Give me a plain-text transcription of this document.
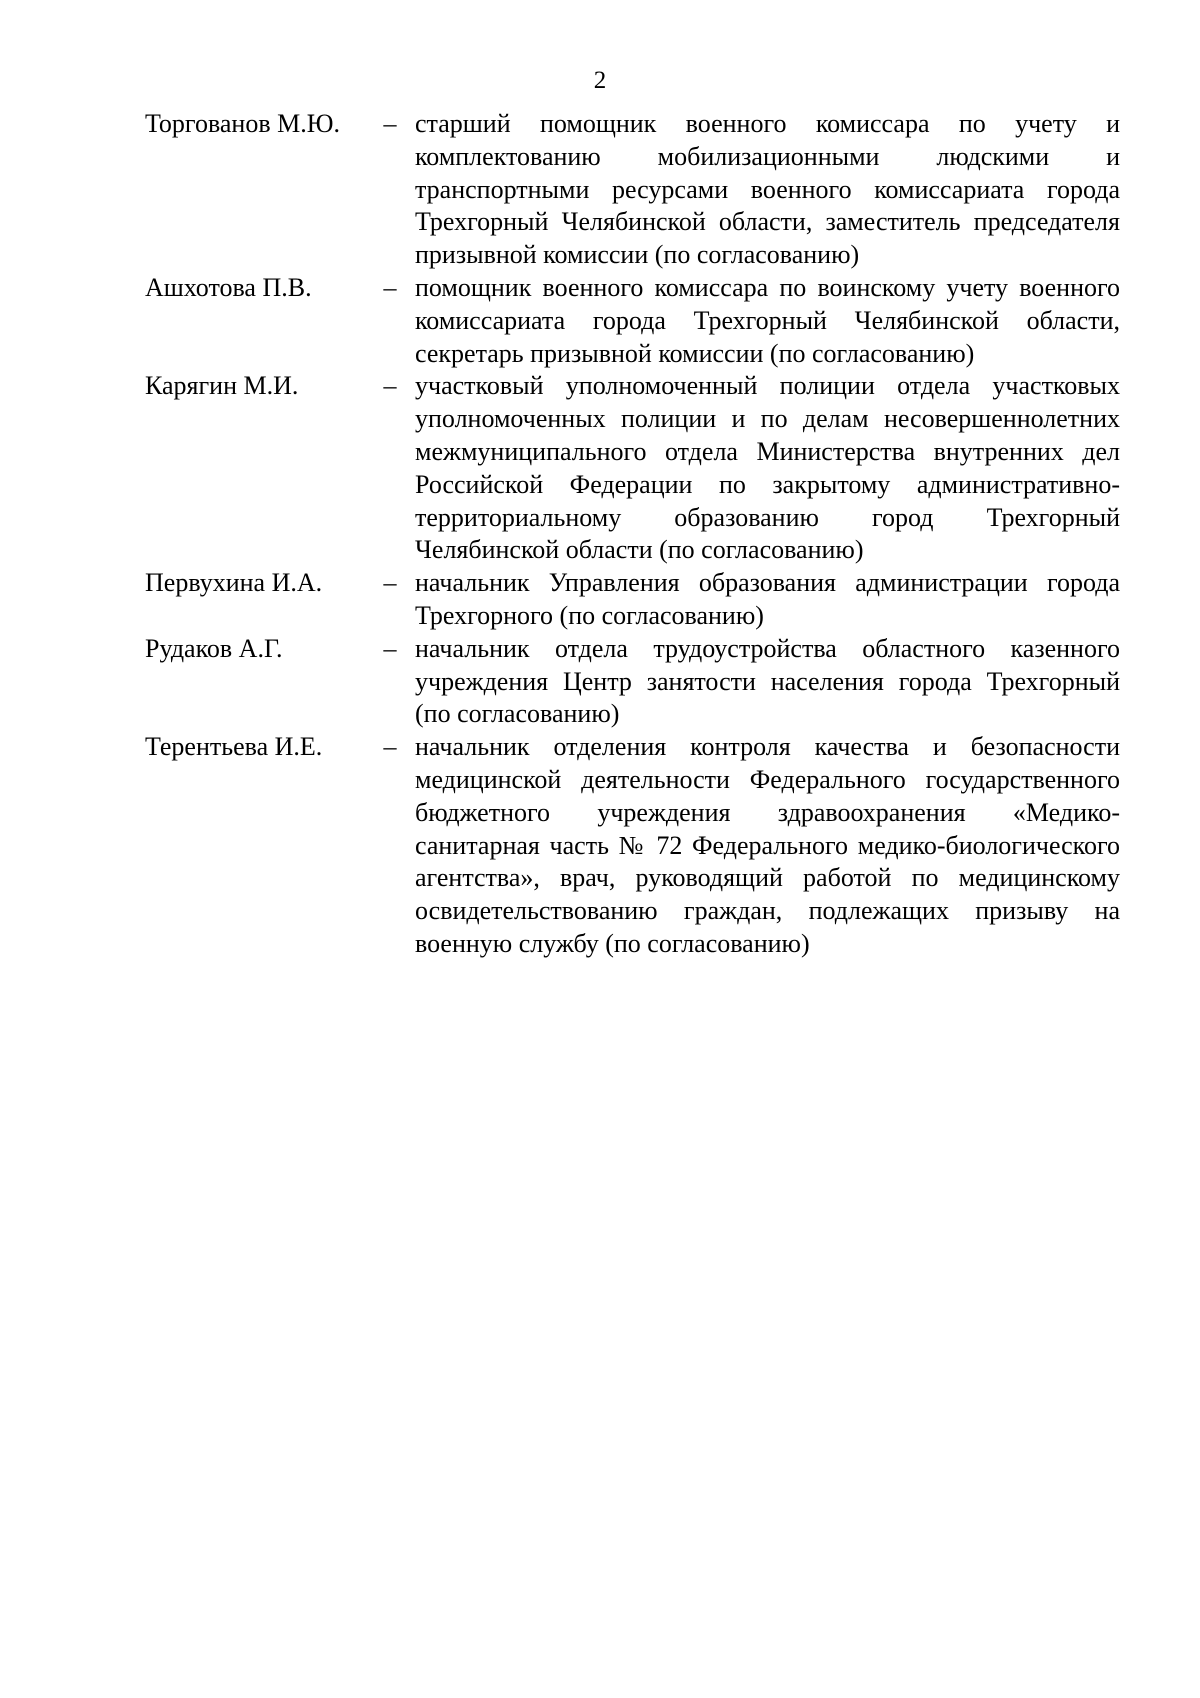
2
Торгованов М.Ю.	– старший помощник военного комиссара по учету и комплектованию мобилизационными людскими и транспортными ресурсами военного комиссариата города Трехгорный Челябинской области, заместитель председателя призывной комиссии (по согласованию)
Ашхотова П.В.	– помощник военного комиссара по воинскому учету военного комиссариата города Трехгорный Челябинской области, секретарь призывной комиссии (по согласованию)
Карягин М.И.	– участковый уполномоченный полиции отдела участковых уполномоченных полиции и по делам несовершеннолетних межмуниципального отдела Министерства внутренних дел Российской Федерации по закрытому административно-территориальному образованию город Трехгорный Челябинской области (по согласованию)
Первухина И.А.	– начальник Управления образования администрации города Трехгорного (по согласованию)
Рудаков А.Г.	– начальник отдела трудоустройства областного казенного учреждения Центр занятости населения города Трехгорный (по согласованию)
Терентьева И.Е.	– начальник отделения контроля качества и безопасности медицинской деятельности Федерального государственного бюджетного учреждения здравоохранения «Медико-санитарная часть № 72 Федерального медико-биологического агентства», врач, руководящий работой по медицинскому освидетельствованию граждан, подлежащих призыву на военную службу (по согласованию)
